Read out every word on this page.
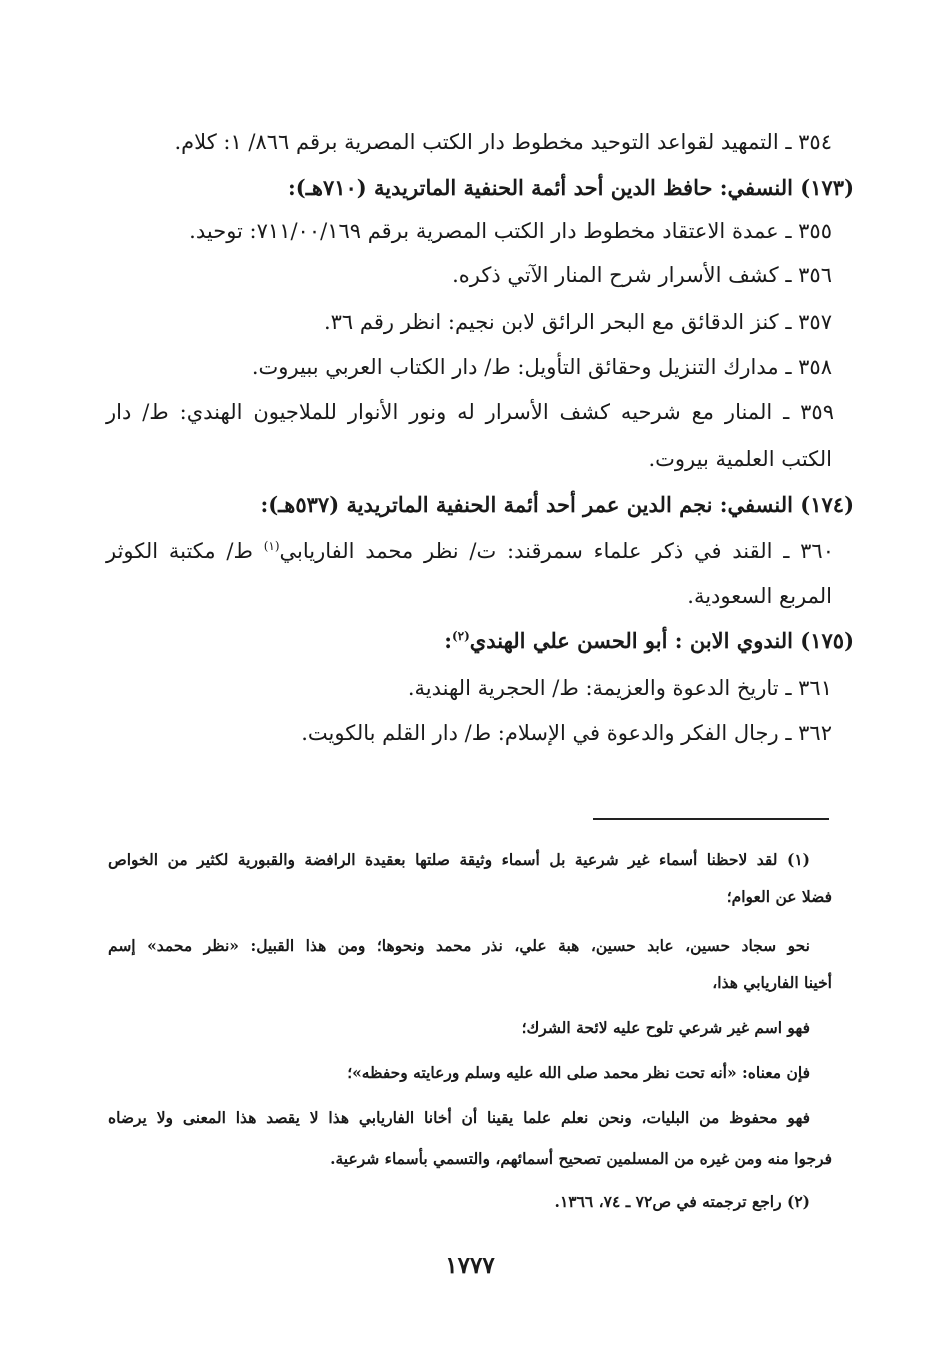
٣٥٤ ـ التمهيد لقواعد التوحيد مخطوط دار الكتب المصرية برقم ٨٦٦/ ١: كلام.
(١٧٣) النسفي: حافظ الدين أحد أئمة الحنفية الماتريدية (٧١٠هـ):
٣٥٥ ـ عمدة الاعتقاد مخطوط دار الكتب المصرية برقم ٧١١/٠٠/١٦٩: توحيد.
٣٥٦ ـ كشف الأسرار شرح المنار الآتي ذكره.
٣٥٧ ـ كنز الدقائق مع البحر الرائق لابن نجيم: انظر رقم ٣٦.
٣٥٨ ـ مدارك التنزيل وحقائق التأويل: ط/ دار الكتاب العربي ببيروت.
٣٥٩ ـ المنار مع شرحيه كشف الأسرار له ونور الأنوار للملاجيون الهندي: ط/ دار
الكتب العلمية بيروت.
(١٧٤) النسفي: نجم الدين عمر أحد أئمة الحنفية الماتريدية (٥٣٧هـ):
٣٦٠ ـ القند في ذكر علماء سمرقند: ت/ نظر محمد الفاريابي$^{(١)}$ ط/ مكتبة الكوثر
المربع السعودية.
(١٧٥) الندوي الابن : أبو الحسن علي الهندي$^{(٢)}$:
٣٦١ ـ تاريخ الدعوة والعزيمة: ط/ الحجرية الهندية.
٣٦٢ ـ رجال الفكر والدعوة في الإسلام: ط/ دار القلم بالكويت.
(١) لقد لاحظنا أسماء غير شرعية بل أسماء وثيقة صلتها بعقيدة الرافضة والقبورية لكثير من الخواص
فضلا عن العوام؛
نحو سجاد حسين، عابد حسين، هبة علي، نذر محمد ونحوها؛ ومن هذا القبيل: «نظر محمد» إسم
أخينا الفاريابي هذا،
فهو اسم غير شرعي تلوح عليه لائحة الشرك؛
فإن معناه: «أنه تحت نظر محمد صلى الله عليه وسلم ورعايته وحفظه»؛
فهو محفوظ من البليات، ونحن نعلم علما يقينا أن أخانا الفاريابي هذا لا يقصد هذا المعنى ولا يرضاه
فرجوا منه ومن غيره من المسلمين تصحيح أسمائهم، والتسمي بأسماء شرعية.
(٢) راجع ترجمته في ص٧٢ ـ ٧٤، ١٣٦٦.
١٧٧٧
